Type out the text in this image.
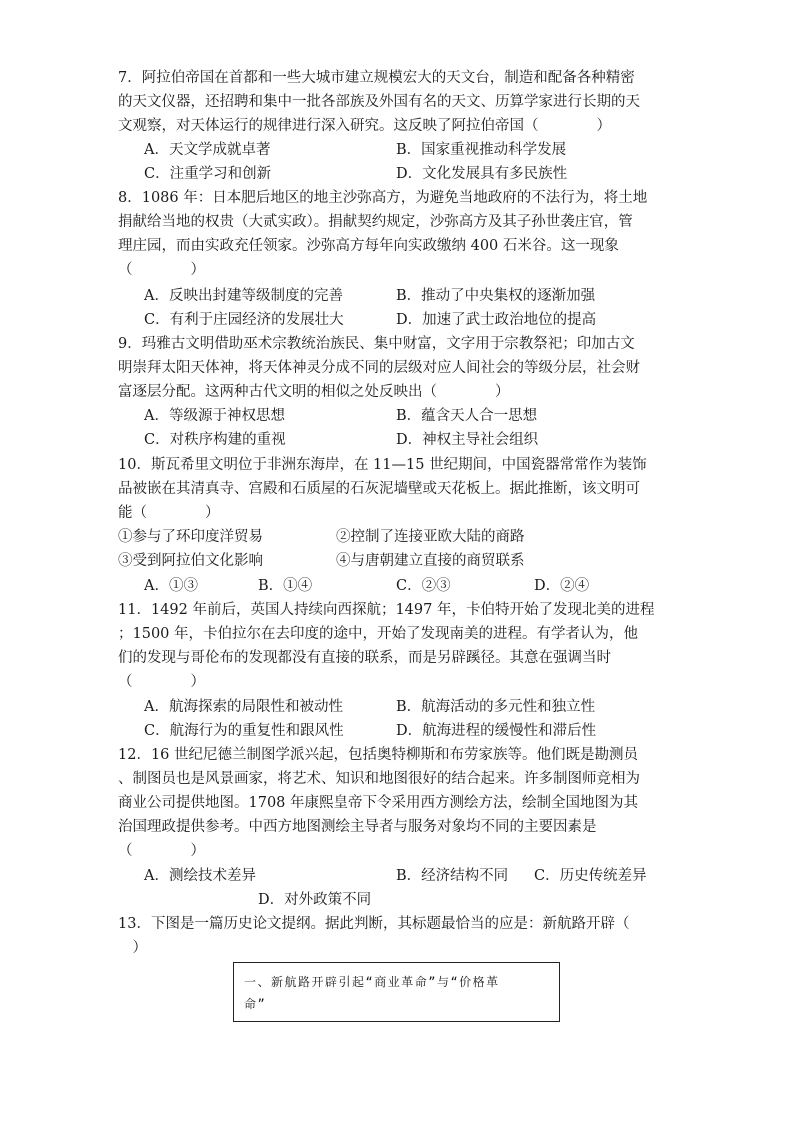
7．阿拉伯帝国在首都和一些大城市建立规模宏大的天文台，制造和配备各种精密
的天文仪器，还招聘和集中一批各部族及外国有名的天文、历算学家进行长期的天
文观察，对天体运行的规律进行深入研究。这反映了阿拉伯帝国（　　　　）
A．天文学成就卓著	B．国家重视推动科学发展
C．注重学习和创新	D．文化发展具有多民族性
8．1086 年：日本肥后地区的地主沙弥高方，为避免当地政府的不法行为，将土地
捐献给当地的权贵（大贰实政）。捐献契约规定，沙弥高方及其子孙世袭庄官，管
理庄园，而由实政充任领家。沙弥高方每年向实政缴纳 400 石米谷。这一现象
（　　　　）
A．反映出封建等级制度的完善	B．推动了中央集权的逐渐加强
C．有利于庄园经济的发展壮大	D．加速了武士政治地位的提高
9．玛雅古文明借助巫术宗教统治族民、集中财富，文字用于宗教祭祀；印加古文
明崇拜太阳天体神，将天体神灵分成不同的层级对应人间社会的等级分层，社会财
富逐层分配。这两种古代文明的相似之处反映出（　　　　）
A．等级源于神权思想	B．蕴含天人合一思想
C．对秩序构建的重视	D．神权主导社会组织
10．斯瓦希里文明位于非洲东海岸，在 11—15 世纪期间，中国瓷器常常作为装饰
品被嵌在其清真寺、宫殿和石质屋的石灰泥墙壁或天花板上。据此推断，该文明可
能（　　　　）
①参与了环印度洋贸易	②控制了连接亚欧大陆的商路
③受到阿拉伯文化影响	④与唐朝建立直接的商贸联系
A．①③	B．①④	C．②③	D．②④
11．1492 年前后，英国人持续向西探航；1497 年，卡伯特开始了发现北美的进程
；1500 年，卡伯拉尔在去印度的途中，开始了发现南美的进程。有学者认为，他
们的发现与哥伦布的发现都没有直接的联系，而是另辟蹊径。其意在强调当时
（　　　　）
A．航海探索的局限性和被动性	B．航海活动的多元性和独立性
C．航海行为的重复性和跟风性	D．航海进程的缓慢性和滞后性
12．16 世纪尼德兰制图学派兴起，包括奥特柳斯和布劳家族等。他们既是勘测员
、制图员也是风景画家，将艺术、知识和地图很好的结合起来。许多制图师竞相为
商业公司提供地图。1708 年康熙皇帝下令采用西方测绘方法，绘制全国地图为其
治国理政提供参考。中西方地图测绘主导者与服务对象均不同的主要因素是
（　　　　）
A．测绘技术差异	B．经济结构不同 C．历史传统差异
D．对外政策不同
13．下图是一篇历史论文提纲。据此判断，其标题最恰当的应是：新航路开辟（
　）
一、新航路开辟引起“商业革命”与“价格革
命”
